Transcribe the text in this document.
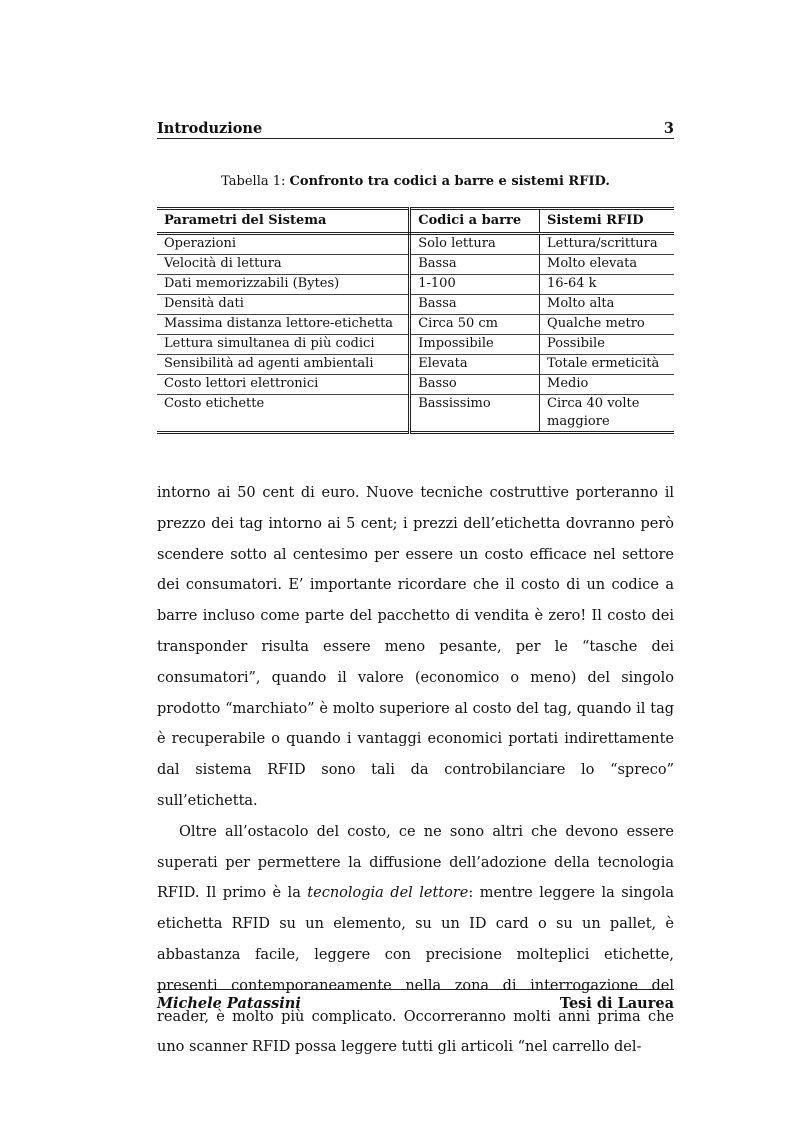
Introduzione	3
Tabella 1: Confronto tra codici a barre e sistemi RFID.
Parametri del Sistema	Codici a barre	Sistemi RFID
Operazioni	Solo lettura	Lettura/scrittura
Velocità di lettura	Bassa	Molto elevata
Dati memorizzabili (Bytes)	1-100	16-64 k
Densità dati	Bassa	Molto alta
Massima distanza lettore-etichetta	Circa 50 cm	Qualche metro
Lettura simultanea di più codici	Impossibile	Possibile
Sensibilità ad agenti ambientali	Elevata	Totale ermeticità
Costo lettori elettronici	Basso	Medio
Costo etichette	Bassissimo	Circa 40 volte maggiore

intorno ai 50 cent di euro. Nuove tecniche costruttive porteranno il prezzo dei tag intorno ai 5 cent; i prezzi dell’etichetta dovranno però scendere sotto al centesimo per essere un costo efficace nel settore dei consumatori. E’ importante ricordare che il costo di un codice a barre incluso come parte del pacchetto di vendita è zero! Il costo dei transponder risulta essere meno pesante, per le “tasche dei consumatori”, quando il valore (economico o meno) del singolo prodotto “marchiato” è molto superiore al costo del tag, quando il tag è recuperabile o quando i vantaggi economici portati indirettamente dal sistema RFID sono tali da controbilanciare lo “spreco” sull’etichetta.

Oltre all’ostacolo del costo, ce ne sono altri che devono essere superati per permettere la diffusione dell’adozione della tecnologia RFID. Il primo è la tecnologia del lettore: mentre leggere la singola etichetta RFID su un elemento, su un ID card o su un pallet, è abbastanza facile, leggere con precisione molteplici etichette, presenti contemporaneamente nella zona di interrogazione del reader, è molto più complicato. Occorreranno molti anni prima che uno scanner RFID possa leggere tutti gli articoli “nel carrello del-

Michele Patassini	Tesi di Laurea
